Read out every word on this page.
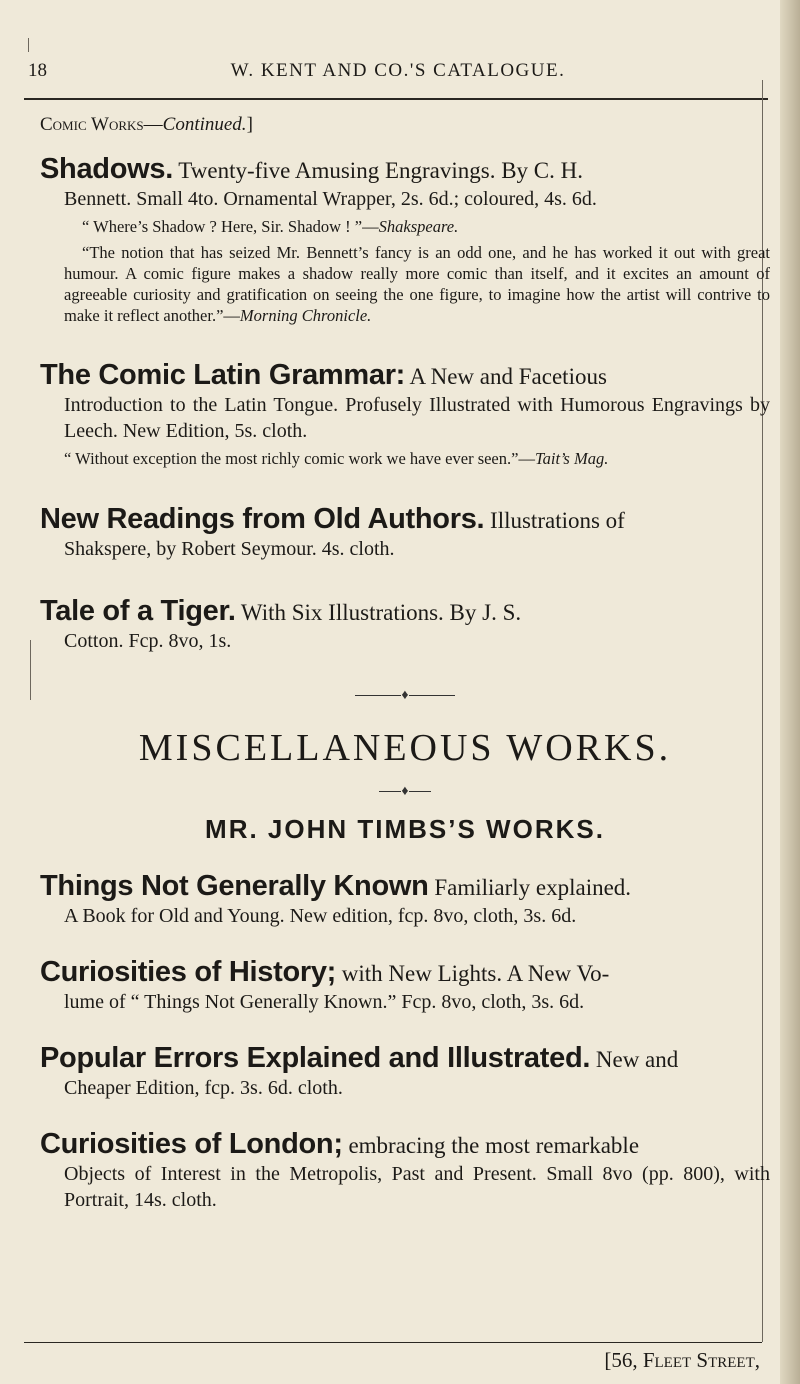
18	W. KENT AND CO.'S CATALOGUE.
Comic Works—Continued.]

Shadows. Twenty-five Amusing Engravings. By C. H.

Bennett. Small 4to. Ornamental Wrapper, 2s. 6d.; coloured, 4s. 6d.

“ Where’s Shadow ? Here, Sir. Shadow ! ”—Shakspeare.

“The notion that has seized Mr. Bennett’s fancy is an odd one, and he has worked it out with great humour. A comic figure makes a shadow really more comic than itself, and it excites an amount of agreeable curiosity and gratification on seeing the one figure, to imagine how the artist will contrive to make it reflect another.”—Morning Chronicle.

The Comic Latin Grammar: A New and Facetious

Introduction to the Latin Tongue. Profusely Illustrated with Humorous Engravings by Leech. New Edition, 5s. cloth.

“ Without exception the most richly comic work we have ever seen.”—Tait’s Mag.

New Readings from Old Authors. Illustrations of

Shakspere, by Robert Seymour. 4s. cloth.

Tale of a Tiger. With Six Illustrations. By J. S.

Cotton. Fcp. 8vo, 1s.

♦
MISCELLANEOUS WORKS.
♦
MR. JOHN TIMBS’S WORKS.

Things Not Generally Known Familiarly explained.

A Book for Old and Young. New edition, fcp. 8vo, cloth, 3s. 6d.

Curiosities of History; with New Lights. A New Vo-

lume of “ Things Not Generally Known.” Fcp. 8vo, cloth, 3s. 6d.

Popular Errors Explained and Illustrated. New and

Cheaper Edition, fcp. 3s. 6d. cloth.

Curiosities of London; embracing the most remarkable

Objects of Interest in the Metropolis, Past and Present. Small 8vo (pp. 800), with Portrait, 14s. cloth.

[56, Fleet Street,
